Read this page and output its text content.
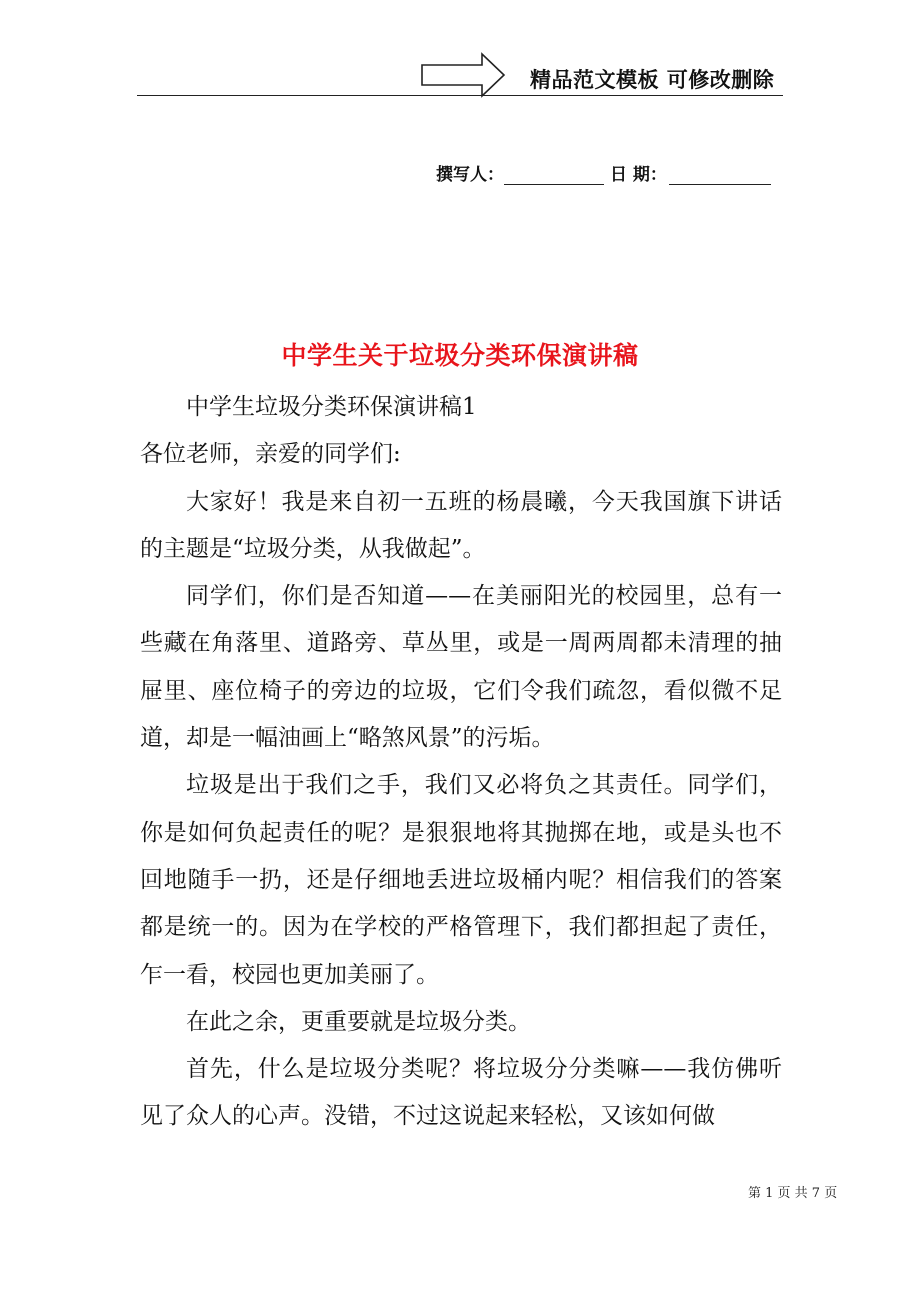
精品范文模板 可修改删除
撰写人：	日 期：
中学生关于垃圾分类环保演讲稿

中学生垃圾分类环保演讲稿1

各位老师，亲爱的同学们:

大家好！我是来自初一五班的杨晨曦，今天我国旗下讲话的主题是“垃圾分类，从我做起”。

同学们，你们是否知道——在美丽阳光的校园里，总有一些藏在角落里、道路旁、草丛里，或是一周两周都未清理的抽屉里、座位椅子的旁边的垃圾，它们令我们疏忽，看似微不足道，却是一幅油画上“略煞风景”的污垢。

垃圾是出于我们之手，我们又必将负之其责任。同学们，你是如何负起责任的呢？是狠狠地将其抛掷在地，或是头也不回地随手一扔，还是仔细地丢进垃圾桶内呢？相信我们的答案都是统一的。因为在学校的严格管理下，我们都担起了责任，乍一看，校园也更加美丽了。

在此之余，更重要就是垃圾分类。

首先，什么是垃圾分类呢？将垃圾分分类嘛——我仿佛听见了众人的心声。没错，不过这说起来轻松，又该如何做

第 1 页 共 7 页
